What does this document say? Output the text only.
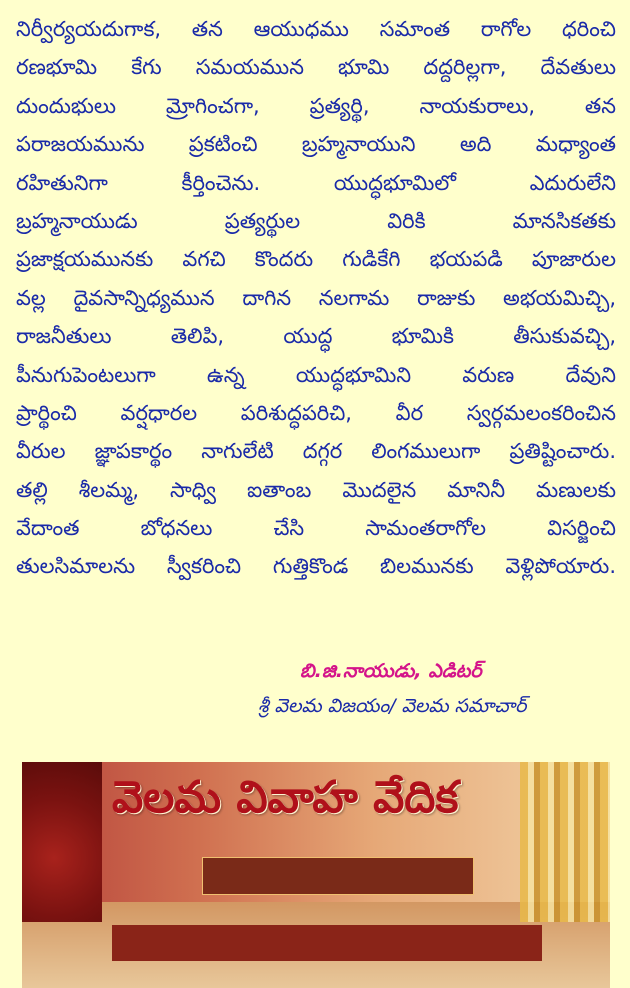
నిర్వీర్యయదుగాక, తన ఆయుధము సమాంత రాగోల ధరించి
రణభూమి కేగు సమయమున భూమి దద్దరిల్లగా, దేవతులు
దుందుభులు మ్రోగించగా, ప్రత్యర్థి, నాయకురాలు, తన
పరాజయమును ప్రకటించి బ్రహ్మనాయుని అది మధ్యాంత
రహితునిగా కీర్తించెను. యుద్ధభూమిలో ఎదురులేని
బ్రహ్మనాయుడు ప్రత్యర్థుల విరికి మానసికతకు
ప్రజాక్షయమునకు వగచి కొందరు గుడికేగి భయపడి పూజారుల
వల్ల దైవసాన్నిధ్యమున దాగిన నలగామ రాజుకు అభయమిచ్చి,
రాజనీతులు తెలిపి, యుద్ధ భూమికి తీసుకువచ్చి,
పీనుగుపెంటలుగా ఉన్న యుద్ధభూమిని వరుణ దేవుని
ప్రార్థించి వర్షధారల పరిశుద్ధపరిచి, వీర స్వర్గమలంకరించిన
వీరుల జ్ఞాపకార్థం నాగులేటి దగ్గర లింగములుగా ప్రతిష్టించారు.
తల్లి శీలమ్మ, సాధ్వి ఐతాంబ మొదలైన మానినీ మణులకు
వేదాంత బోధనలు చేసి సామంతరాగోల విసర్జించి
తులసిమాలను స్వీకరించి గుత్తికొండ బిలమునకు వెళ్లిపోయారు.
బి.జి.నాయుడు, ఎడిటర్
శ్రీ వెలమ విజయం/ వెలమ సమాచార్
వెలమ వివాహ వేదిక
